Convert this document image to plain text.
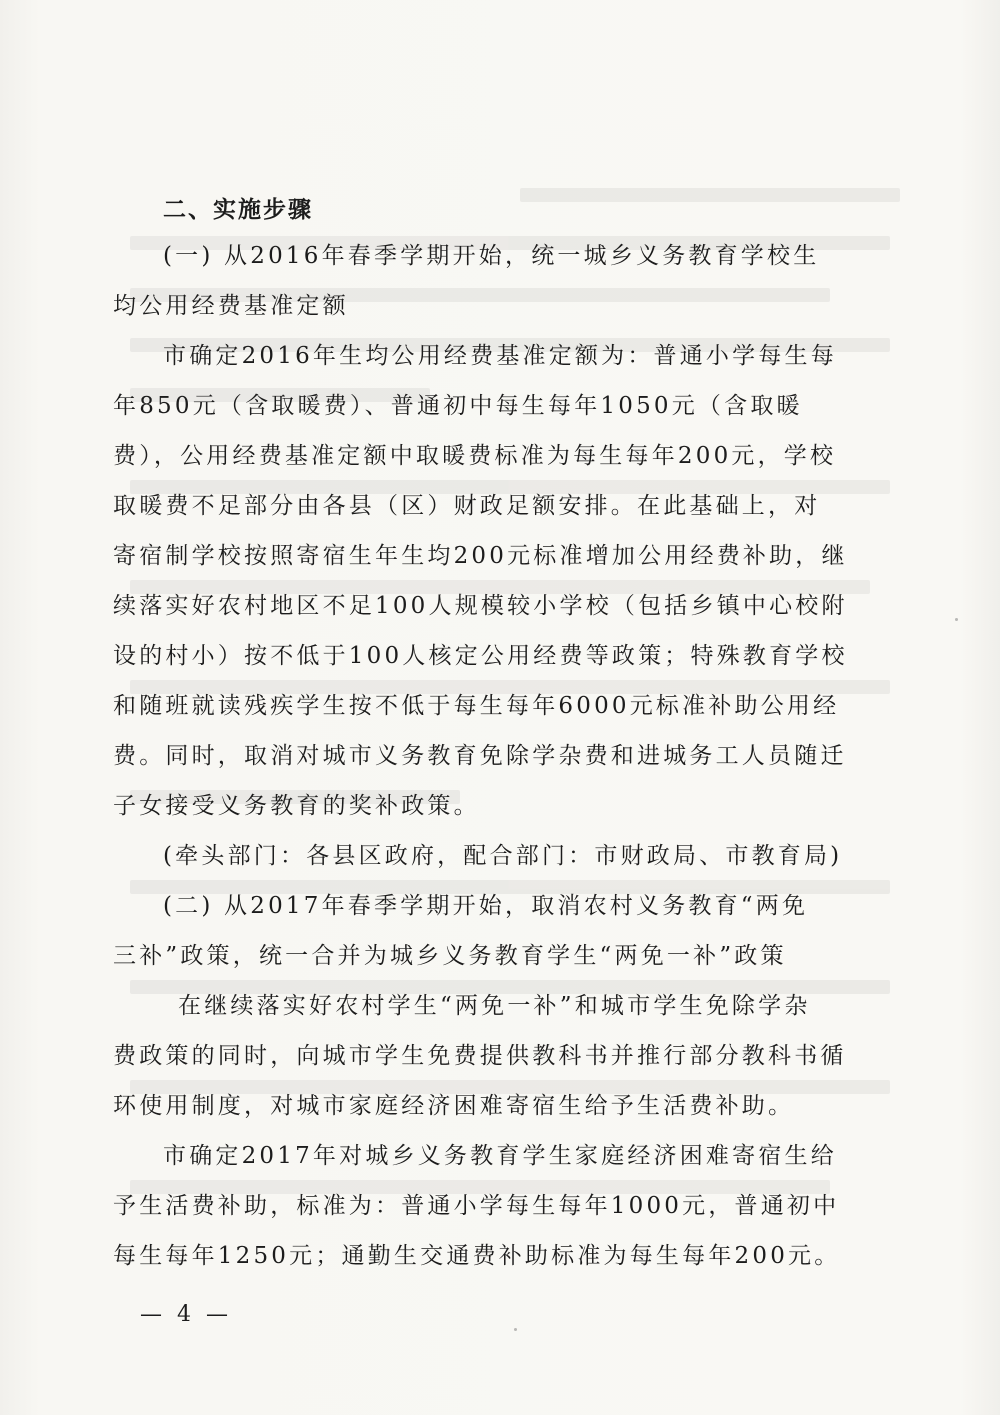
二、实施步骤
(一) 从2016年春季学期开始，统一城乡义务教育学校生
均公用经费基准定额
市确定2016年生均公用经费基准定额为：普通小学每生每
年850元（含取暖费）、普通初中每生每年1050元（含取暖
费），公用经费基准定额中取暖费标准为每生每年200元，学校
取暖费不足部分由各县（区）财政足额安排。在此基础上，对
寄宿制学校按照寄宿生年生均200元标准增加公用经费补助，继
续落实好农村地区不足100人规模较小学校（包括乡镇中心校附
设的村小）按不低于100人核定公用经费等政策；特殊教育学校
和随班就读残疾学生按不低于每生每年6000元标准补助公用经
费。同时，取消对城市义务教育免除学杂费和进城务工人员随迁
子女接受义务教育的奖补政策。
(牵头部门：各县区政府，配合部门：市财政局、市教育局)
(二) 从2017年春季学期开始，取消农村义务教育“两免
三补”政策，统一合并为城乡义务教育学生“两免一补”政策
在继续落实好农村学生“两免一补”和城市学生免除学杂
费政策的同时，向城市学生免费提供教科书并推行部分教科书循
环使用制度，对城市家庭经济困难寄宿生给予生活费补助。
市确定2017年对城乡义务教育学生家庭经济困难寄宿生给
予生活费补助，标准为：普通小学每生每年1000元，普通初中
每生每年1250元；通勤生交通费补助标准为每生每年200元。
— 4 —
